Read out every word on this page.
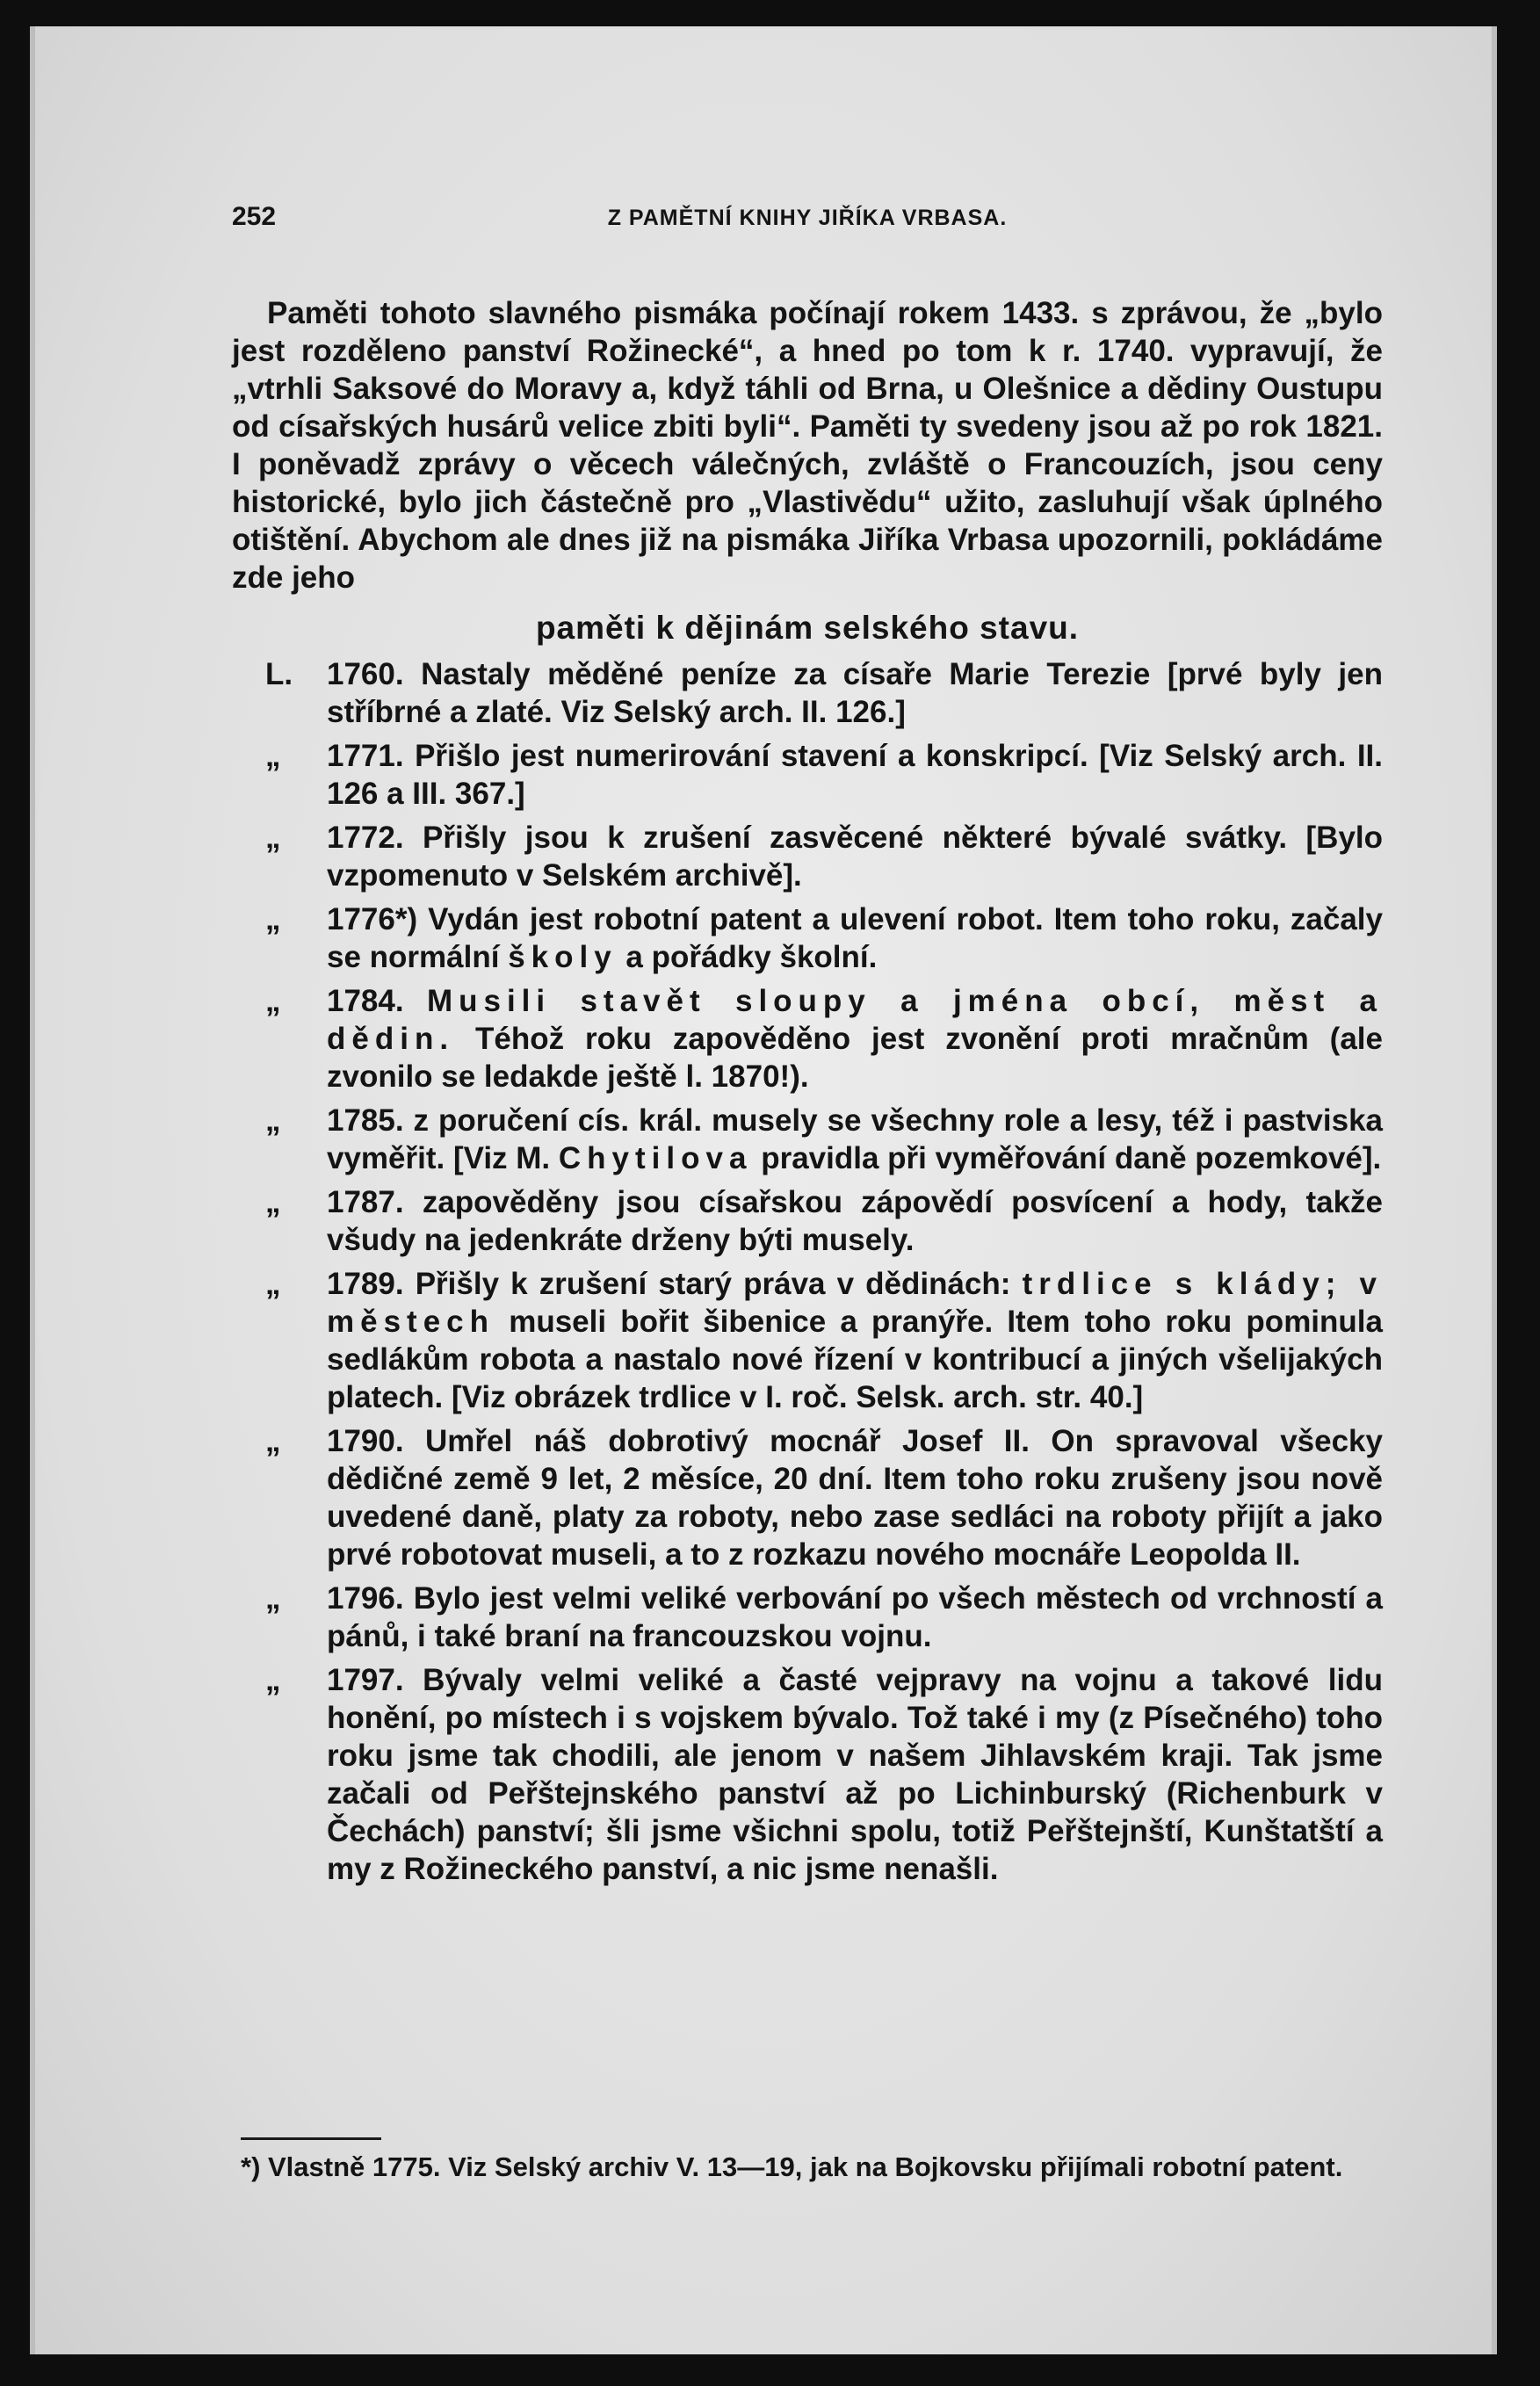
252	Z PAMĚTNÍ KNIHY JIŘÍKA VRBASA.

Paměti tohoto slavného pismáka počínají rokem 1433. s zprávou, že „bylo jest rozděleno panství Rožinecké“, a hned po tom k r. 1740. vypravují, že „vtrhli Saksové do Moravy a, když táhli od Brna, u Olešnice a dědiny Oustupu od císařských husárů velice zbiti byli“. Paměti ty svedeny jsou až po rok 1821. I poněvadž zprávy o věcech válečných, zvláště o Francouzích, jsou ceny historické, bylo jich částečně pro „Vlastivědu“ užito, zasluhují však úplného otištění. Abychom ale dnes již na pismáka Jiříka Vrbasa upozornili, pokládáme zde jeho

paměti k dějinám selského stavu.

L. 1760. Nastaly měděné peníze za císaře Marie Terezie [prvé byly jen stříbrné a zlaté. Viz Selský arch. II. 126.]

„ 1771. Přišlo jest numerirování stavení a konskripcí. [Viz Selský arch. II. 126 a III. 367.]

„ 1772. Přišly jsou k zrušení zasvěcené některé bývalé svátky. [Bylo vzpomenuto v Selském archivě].

„ 1776*) Vydán jest robotní patent a ulevení robot. Item toho roku, začaly se normální školy a pořádky školní.

„ 1784. Musili stavět sloupy a jména obcí, měst a dědin. Téhož roku zapověděno jest zvonění proti mračnům (ale zvonilo se ledakde ještě l. 1870!).

„ 1785. z poručení cís. král. musely se všechny role a lesy, též i pastviska vyměřit. [Viz M. Chytilova pravidla při vyměřování daně pozemkové].

„ 1787. zapověděny jsou císařskou zápovědí posvícení a hody, takže všudy na jedenkráte drženy býti musely.

„ 1789. Přišly k zrušení starý práva v dědinách: trdlice s klády; v městech museli bořit šibenice a pranýře. Item toho roku pominula sedlákům robota a nastalo nové řízení v kontribucí a jiných všelijakých platech. [Viz obrázek trdlice v I. roč. Selsk. arch. str. 40.]

„ 1790. Umřel náš dobrotivý mocnář Josef II. On spravoval všecky dědičné země 9 let, 2 měsíce, 20 dní. Item toho roku zrušeny jsou nově uvedené daně, platy za roboty, nebo zase sedláci na roboty přijít a jako prvé robotovat museli, a to z rozkazu nového mocnáře Leopolda II.

„ 1796. Bylo jest velmi veliké verbování po všech městech od vrchností a pánů, i také braní na francouzskou vojnu.

„ 1797. Bývaly velmi veliké a časté vejpravy na vojnu a takové lidu honění, po místech i s vojskem bývalo. Tož také i my (z Písečného) toho roku jsme tak chodili, ale jenom v našem Jihlavském kraji. Tak jsme začali od Peřštejnského panství až po Lichinburský (Richenburk v Čechách) panství; šli jsme všichni spolu, totiž Peřštejnští, Kunštatští a my z Rožineckého panství, a nic jsme nenašli.

*) Vlastně 1775. Viz Selský archiv V. 13—19, jak na Bojkovsku přijímali robotní patent.
